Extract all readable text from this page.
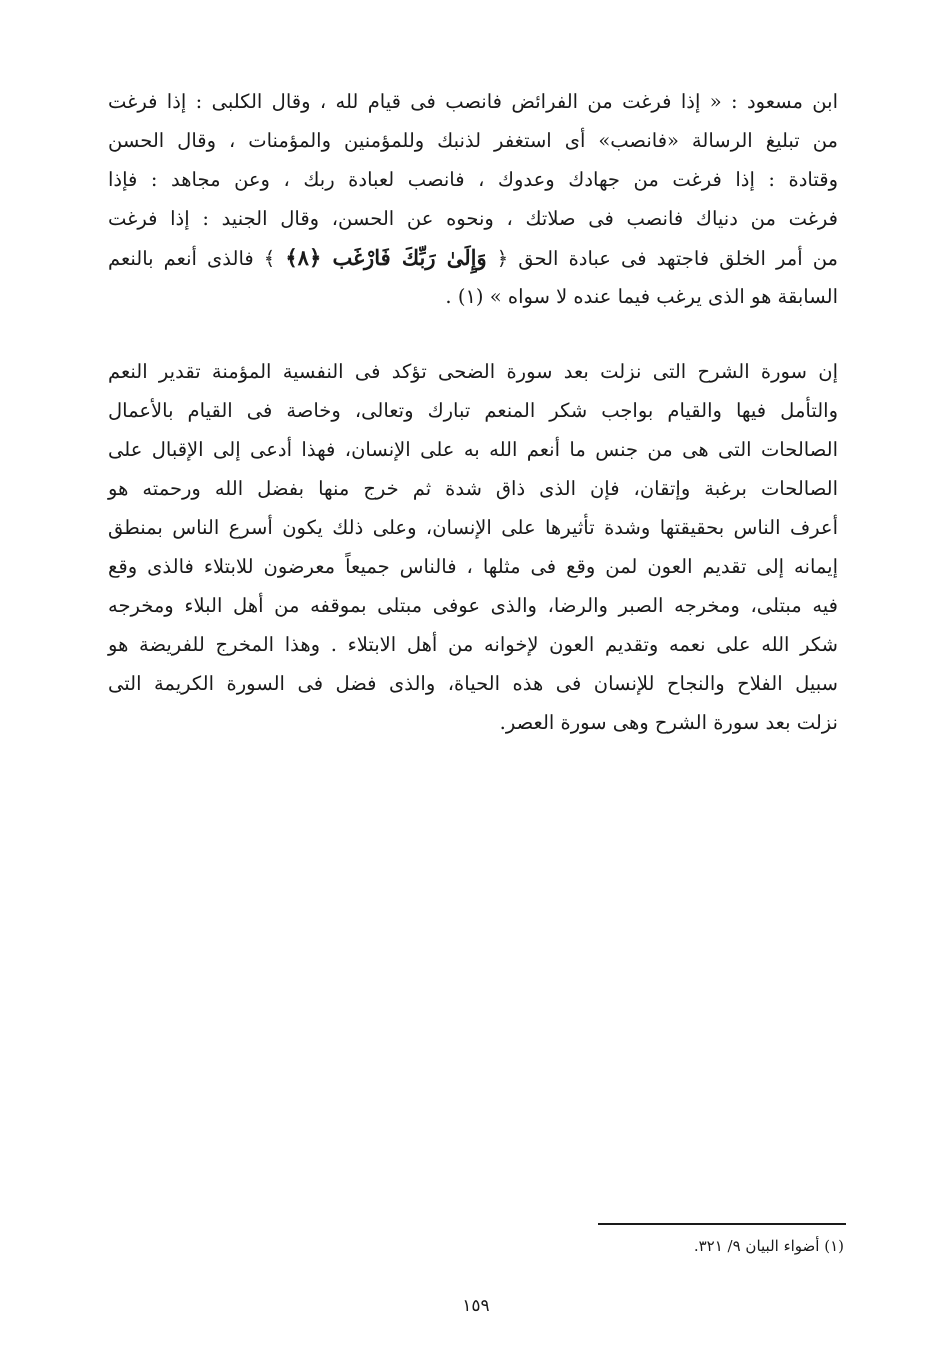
ابن مسعود : « إذا فرغت من الفرائض فانصب فى قيام لله ، وقال الكلبى : إذا فرغت
من تبليغ الرسالة «فانصب» أى استغفر لذنبك وللمؤمنين والمؤمنات ، وقال الحسن
وقتادة : إذا فرغت من جهادك وعدوك ، فانصب لعبادة ربك ، وعن مجاهد : فإذا
فرغت من دنياك فانصب فى صلاتك ، ونحوه عن الحسن، وقال الجنيد : إذا فرغت
من أمر الخلق فاجتهد فى عبادة الحق ﴿ وَإِلَىٰ رَبِّكَ فَارْغَب ﴿٨﴾ ﴾ فالذى أنعم بالنعم
السابقة هو الذى يرغب فيما عنده لا سواه » (١) .
إن سورة الشرح التى نزلت بعد سورة الضحى تؤكد فى النفسية المؤمنة تقدير النعم
والتأمل فيها والقيام بواجب شكر المنعم تبارك وتعالى، وخاصة فى القيام بالأعمال
الصالحات التى هى من جنس ما أنعم الله به على الإنسان، فهذا أدعى إلى الإقبال على
الصالحات برغبة وإتقان، فإن الذى ذاق شدة ثم خرج منها بفضل الله ورحمته هو
أعرف الناس بحقيقتها وشدة تأثيرها على الإنسان، وعلى ذلك يكون أسرع الناس بمنطق
إيمانه إلى تقديم العون لمن وقع فى مثلها ، فالناس جميعاً معرضون للابتلاء فالذى وقع
فيه مبتلى، ومخرجه الصبر والرضا، والذى عوفى مبتلى بموقفه من أهل البلاء ومخرجه
شكر الله على نعمه وتقديم العون لإخوانه من أهل الابتلاء . وهذا المخرج للفريضة هو
سبيل الفلاح والنجاح للإنسان فى هذه الحياة، والذى فضل فى السورة الكريمة التى
نزلت بعد سورة الشرح وهى سورة العصر.
(١) أضواء البيان ٩/ ٣٢١.
١٥٩
